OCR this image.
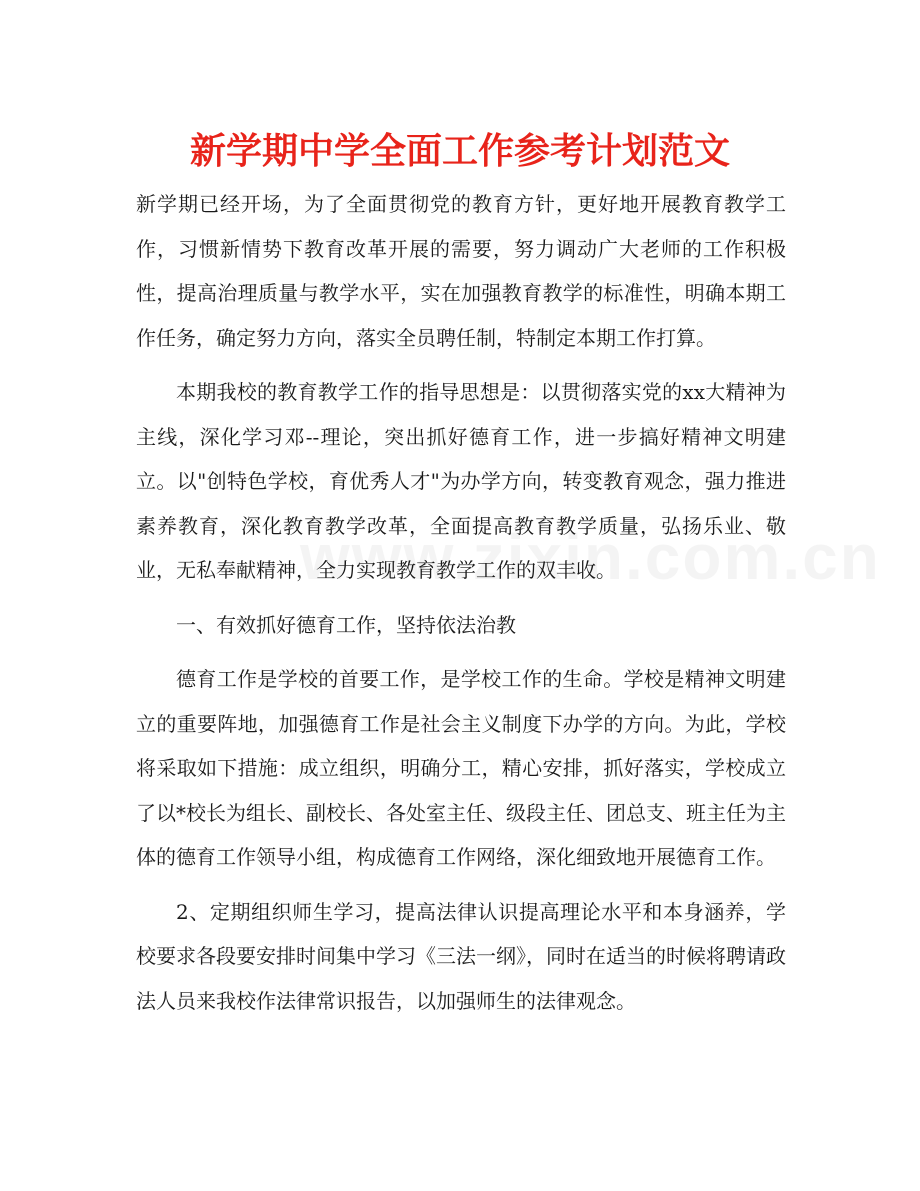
新学期中学全面工作参考计划范文

新学期已经开场，为了全面贯彻党的教育方针，更好地开展教育教学工作，习惯新情势下教育改革开展的需要，努力调动广大老师的工作积极性，提高治理质量与教学水平，实在加强教育教学的标准性，明确本期工作任务，确定努力方向，落实全员聘任制，特制定本期工作打算。

本期我校的教育教学工作的指导思想是：以贯彻落实党的xx大精神为主线，深化学习邓--理论，突出抓好德育工作，进一步搞好精神文明建立。以"创特色学校，育优秀人才"为办学方向，转变教育观念，强力推进素养教育，深化教育教学改革，全面提高教育教学质量，弘扬乐业、敬业，无私奉献精神，全力实现教育教学工作的双丰收。

一、有效抓好德育工作，坚持依法治教

德育工作是学校的首要工作，是学校工作的生命。学校是精神文明建立的重要阵地，加强德育工作是社会主义制度下办学的方向。为此，学校将采取如下措施：成立组织，明确分工，精心安排，抓好落实，学校成立了以*校长为组长、副校长、各处室主任、级段主任、团总支、班主任为主体的德育工作领导小组，构成德育工作网络，深化细致地开展德育工作。

2、定期组织师生学习，提高法律认识提高理论水平和本身涵养，学校要求各段要安排时间集中学习《三法一纲》，同时在适当的时候将聘请政法人员来我校作法律常识报告，以加强师生的法律观念。
